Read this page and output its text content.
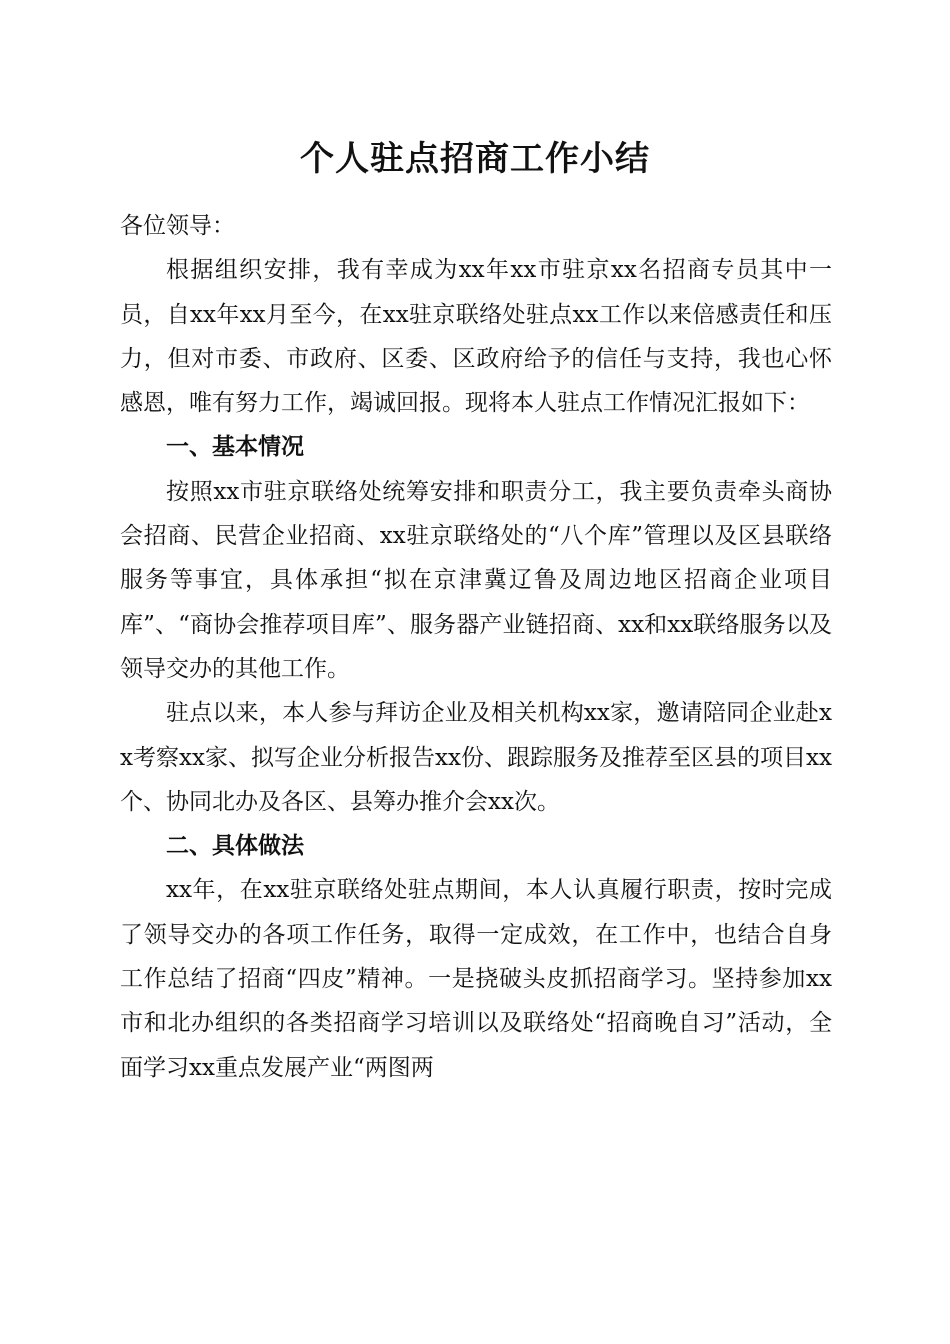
个人驻点招商工作小结

各位领导：

根据组织安排，我有幸成为xx年xx市驻京xx名招商专员其中一员，自xx年xx月至今，在xx驻京联络处驻点xx工作以来倍感责任和压力，但对市委、市政府、区委、区政府给予的信任与支持，我也心怀感恩，唯有努力工作，竭诚回报。现将本人驻点工作情况汇报如下：

一、基本情况

按照xx市驻京联络处统筹安排和职责分工，我主要负责牵头商协会招商、民营企业招商、xx驻京联络处的“八个库”管理以及区县联络服务等事宜，具体承担“拟在京津冀辽鲁及周边地区招商企业项目库”、“商协会推荐项目库”、服务器产业链招商、xx和xx联络服务以及领导交办的其他工作。

驻点以来，本人参与拜访企业及相关机构xx家，邀请陪同企业赴xx考察xx家、拟写企业分析报告xx份、跟踪服务及推荐至区县的项目xx个、协同北办及各区、县筹办推介会xx次。

二、具体做法

xx年，在xx驻京联络处驻点期间，本人认真履行职责，按时完成了领导交办的各项工作任务，取得一定成效，在工作中，也结合自身工作总结了招商“四皮”精神。一是挠破头皮抓招商学习。坚持参加xx市和北办组织的各类招商学习培训以及联络处“招商晚自习”活动，全面学习xx重点发展产业“两图两
